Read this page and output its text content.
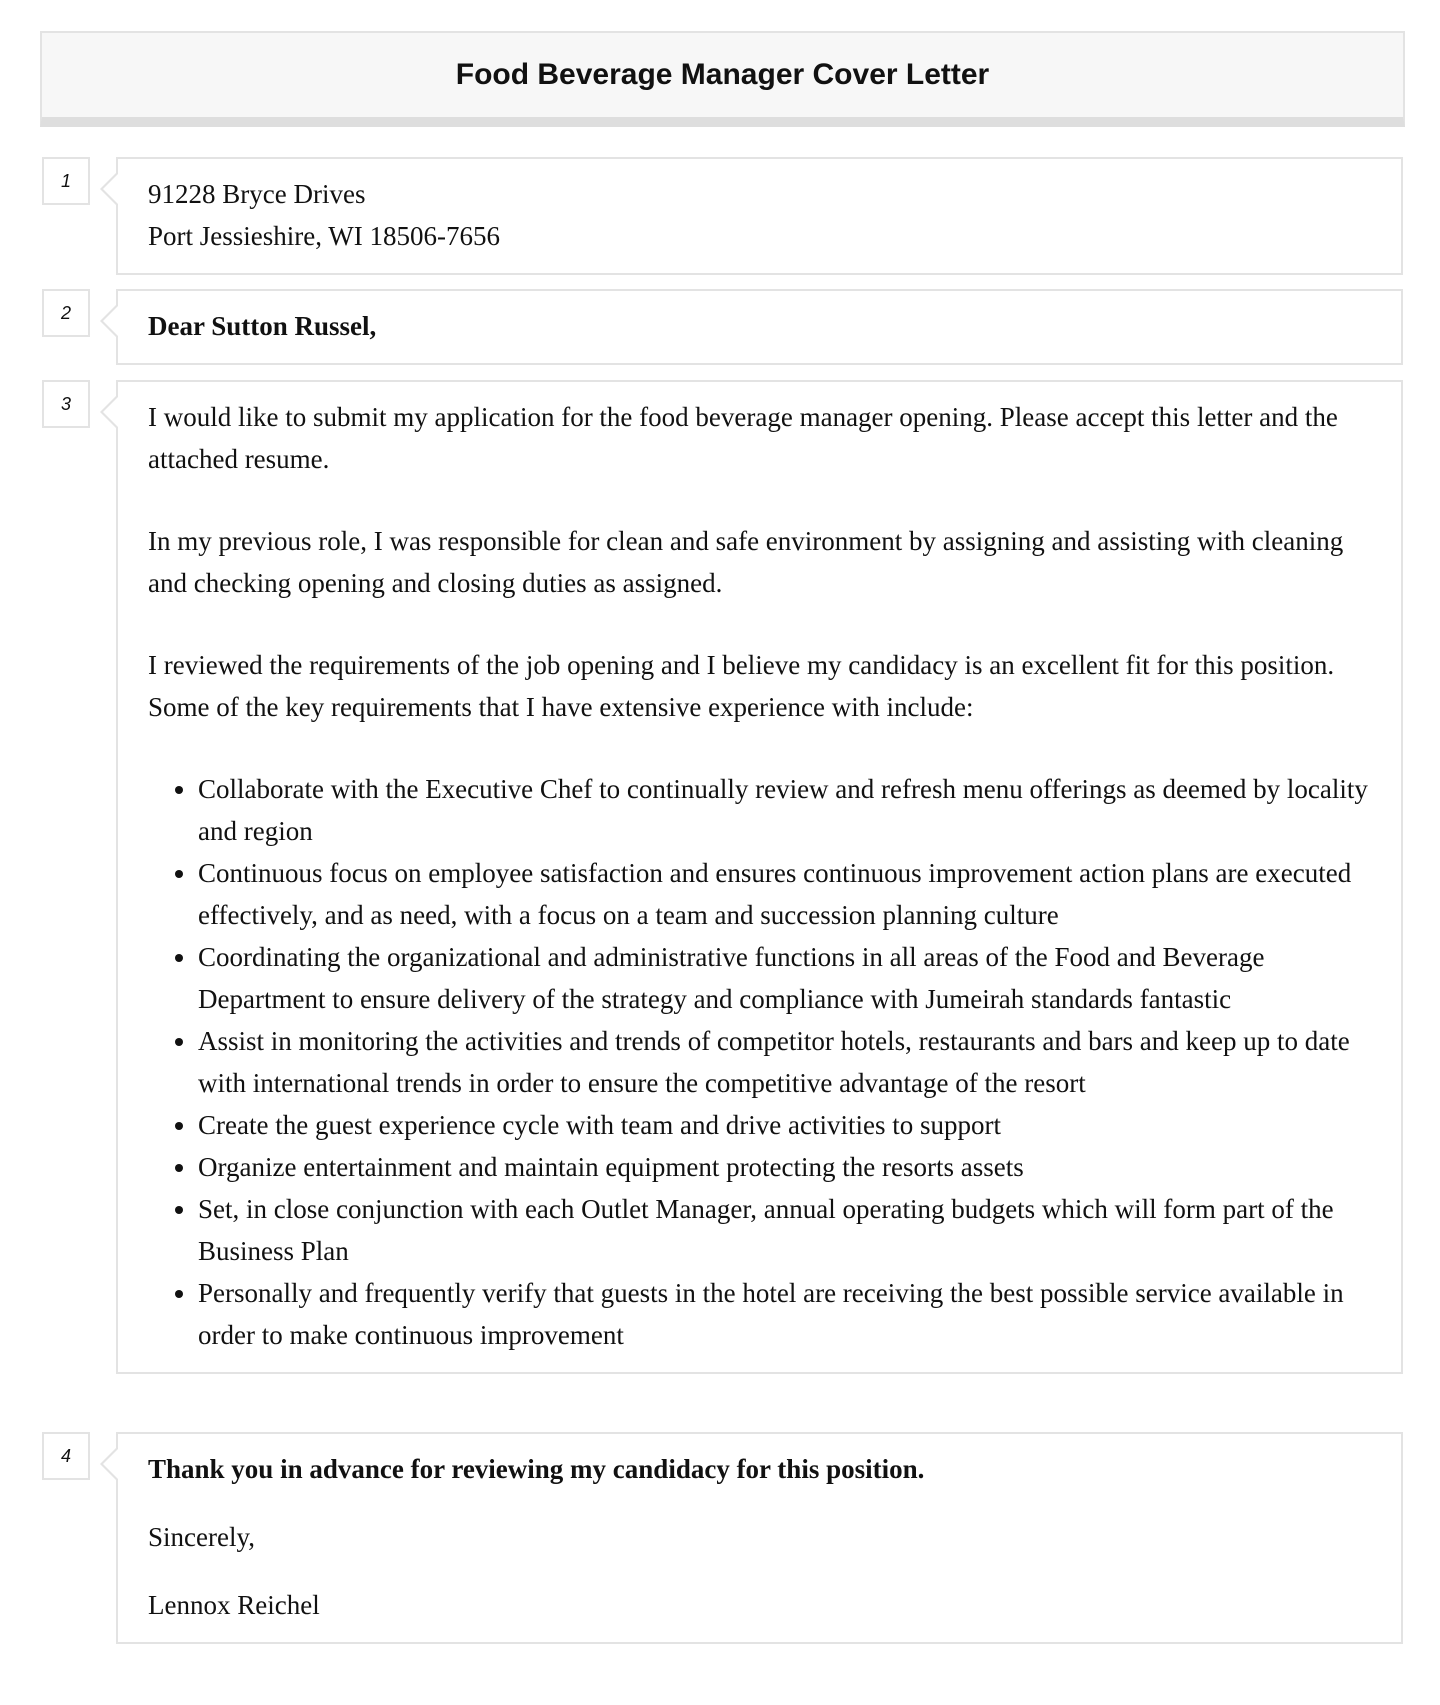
Food Beverage Manager Cover Letter
1	91228 Bryce Drives

Port Jessieshire, WI 18506-7656

2	Dear Sutton Russel,

3	I would like to submit my application for the food beverage manager opening. Please accept this letter and the attached resume.

In my previous role, I was responsible for clean and safe environment by assigning and assisting with cleaning and checking opening and closing duties as assigned.

I reviewed the requirements of the job opening and I believe my candidacy is an excellent fit for this position. Some of the key requirements that I have extensive experience with include:

• Collaborate with the Executive Chef to continually review and refresh menu offerings as deemed by locality and region
• Continuous focus on employee satisfaction and ensures continuous improvement action plans are executed effectively, and as need, with a focus on a team and succession planning culture
• Coordinating the organizational and administrative functions in all areas of the Food and Beverage Department to ensure delivery of the strategy and compliance with Jumeirah standards fantastic
• Assist in monitoring the activities and trends of competitor hotels, restaurants and bars and keep up to date with international trends in order to ensure the competitive advantage of the resort
• Create the guest experience cycle with team and drive activities to support
• Organize entertainment and maintain equipment protecting the resorts assets
• Set, in close conjunction with each Outlet Manager, annual operating budgets which will form part of the Business Plan
• Personally and frequently verify that guests in the hotel are receiving the best possible service available in order to make continuous improvement
4	Thank you in advance for reviewing my candidacy for this position.

Sincerely,

Lennox Reichel
